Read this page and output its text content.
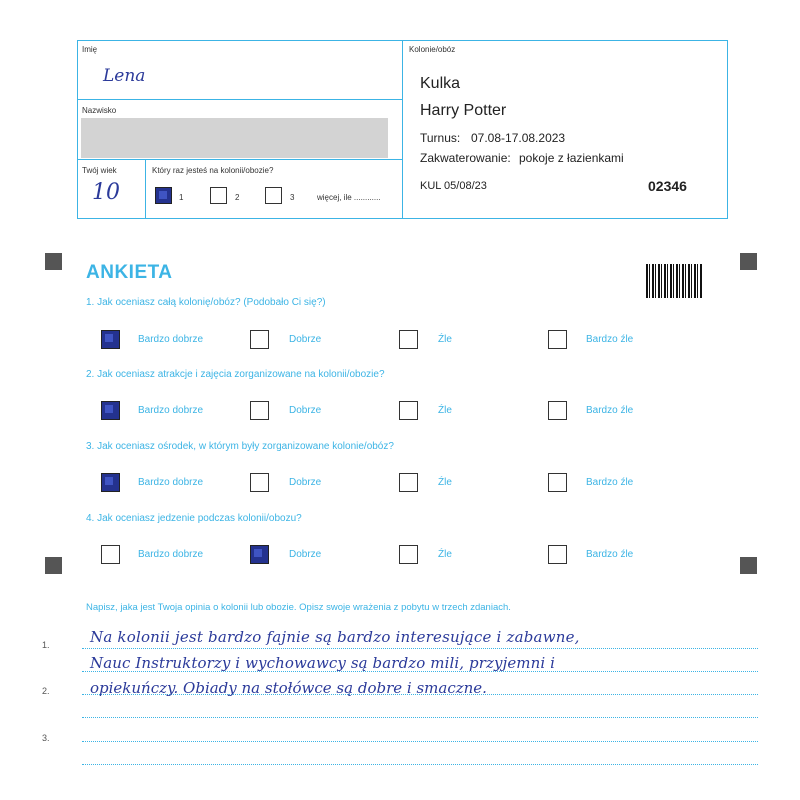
Imię
Lena
Nazwisko
Twój wiek
10
Który raz jesteś na kolonii/obozie?
1	2	3	więcej, ile ............
Kolonie/obóz
Kulka
Harry Potter
Turnus: 07.08-17.08.2023
Zakwaterowanie: pokoje z łazienkami
KUL 05/08/23	02346
ANKIETA
1. Jak oceniasz całą kolonię/obóz? (Podobało Ci się?)
Bardzo dobrze	Dobrze	Źle	Bardzo źle
2. Jak oceniasz atrakcje i zajęcia zorganizowane na kolonii/obozie?
Bardzo dobrze	Dobrze	Źle	Bardzo źle
3. Jak oceniasz ośrodek, w którym były zorganizowane kolonie/obóz?
Bardzo dobrze	Dobrze	Źle	Bardzo źle
4. Jak oceniasz jedzenie podczas kolonii/obozu?
Bardzo dobrze	Dobrze	Źle	Bardzo źle
Napisz, jaka jest Twoja opinia o kolonii lub obozie. Opisz swoje wrażenia z pobytu w trzech zdaniach.
1.
2.
3.
Na kolonii jest bardzo fajnie są bardzo interesujące i zabawne,
Nauc Instruktorzy i wychowawcy są bardzo mili, przyjemni i
opiekuńczy. Obiady na stołówce są dobre i smaczne.
